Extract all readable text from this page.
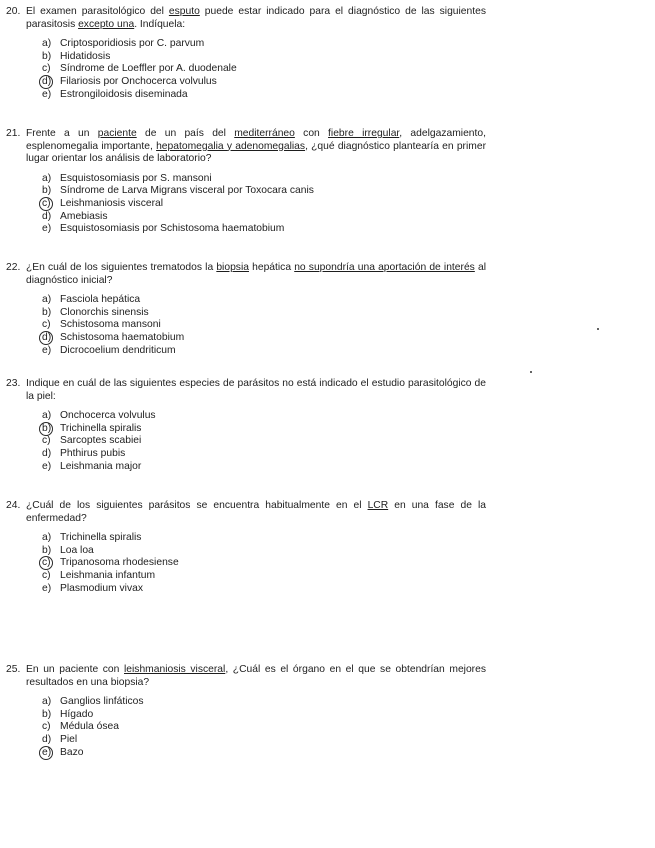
20. El examen parasitológico del esputo puede estar indicado para el diagnóstico de las siguientes parasitosis excepto una. Indíquela:
a) Criptosporidiosis por C. parvum
b) Hidatidosis
c) Síndrome de Loeffler por A. duodenale
d) Filariosis por Onchocerca volvulus
e) Estrongiloidosis diseminada
21. Frente a un paciente de un país del mediterráneo con fiebre irregular, adelgazamiento, esplenomegalia importante, hepatomegalia y adenomegalias, ¿qué diagnóstico plantearía en primer lugar orientar los análisis de laboratorio?
a) Esquistosomiasis por S. mansoni
b) Síndrome de Larva Migrans visceral por Toxocara canis
c) Leishmaniosis visceral
d) Amebiasis
e) Esquistosomiasis por Schistosoma haematobium
22. ¿En cuál de los siguientes trematodos la biopsia hepática no supondría una aportación de interés al diagnóstico inicial?
a) Fasciola hepática
b) Clonorchis sinensis
c) Schistosoma mansoni
d) Schistosoma haematobium
e) Dicrocoelium dendriticum
23. Indique en cuál de las siguientes especies de parásitos no está indicado el estudio parasitológico de la piel:
a) Onchocerca volvulus
b) Trichinella spiralis
c) Sarcoptes scabiei
d) Phthirus pubis
e) Leishmania major
24. ¿Cuál de los siguientes parásitos se encuentra habitualmente en el LCR en una fase de la enfermedad?
a) Trichinella spiralis
b) Loa loa
c) Tripanosoma rhodesiense
c) Leishmania infantum
e) Plasmodium vivax
25. En un paciente con leishmaniosis visceral, ¿Cuál es el órgano en el que se obtendrían mejores resultados en una biopsia?
a) Ganglios linfáticos
b) Hígado
c) Médula ósea
d) Piel
e) Bazo
